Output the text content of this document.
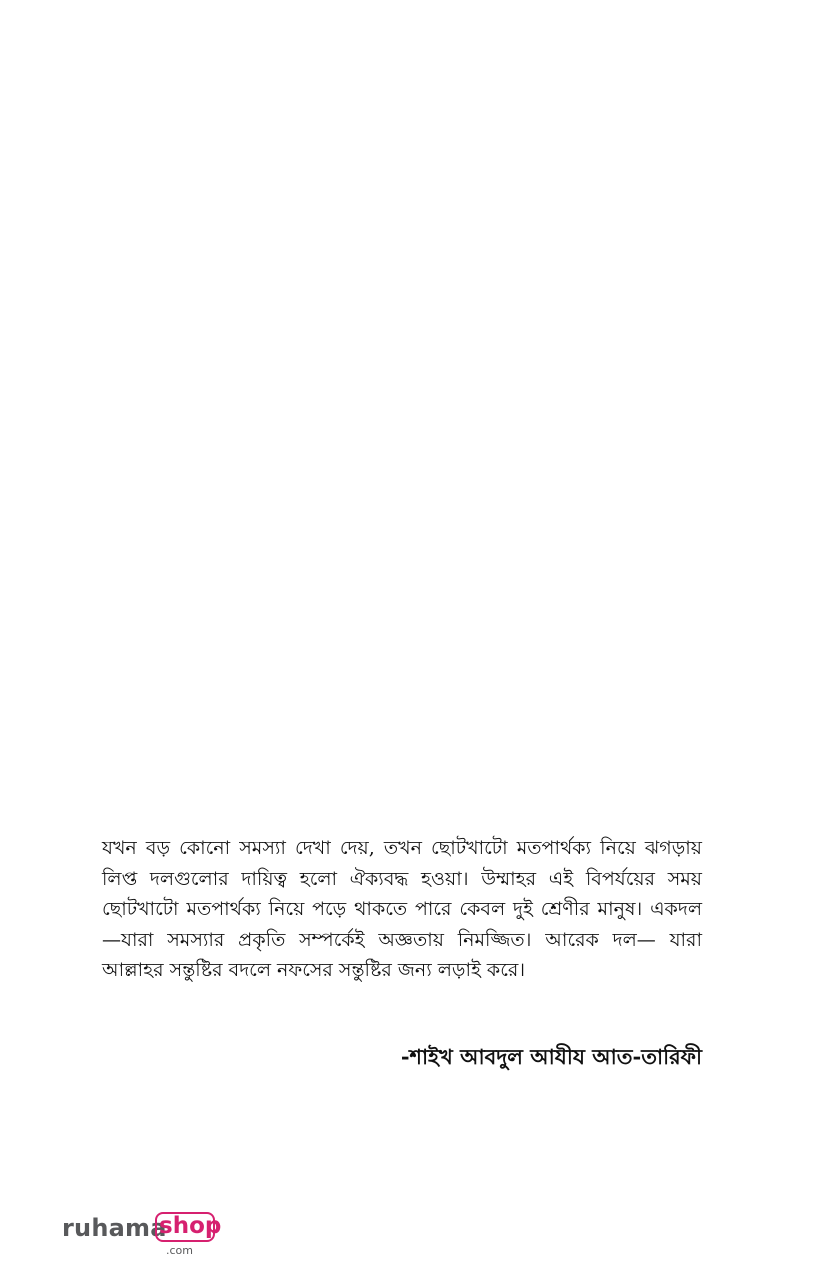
যখন বড় কোনো সমস্যা দেখা দেয়, তখন ছোটখাটো মতপার্থক্য নিয়ে ঝগড়ায় লিপ্ত দলগুলোর দায়িত্ব হলো ঐক্যবদ্ধ হওয়া। উম্মাহর এই বিপর্যয়ের সময় ছোটখাটো মতপার্থক্য নিয়ে পড়ে থাকতে পারে কেবল দুই শ্রেণীর মানুষ। একদল—যারা সমস্যার প্রকৃতি সম্পর্কেই অজ্ঞতায় নিমজ্জিত। আরেক দল— যারা আল্লাহর সন্তুষ্টির বদলে নফসের সন্তুষ্টির জন্য লড়াই করে।

-শাইখ আবদুল আযীয আত-তারিফী
ruhama
shop
.com
